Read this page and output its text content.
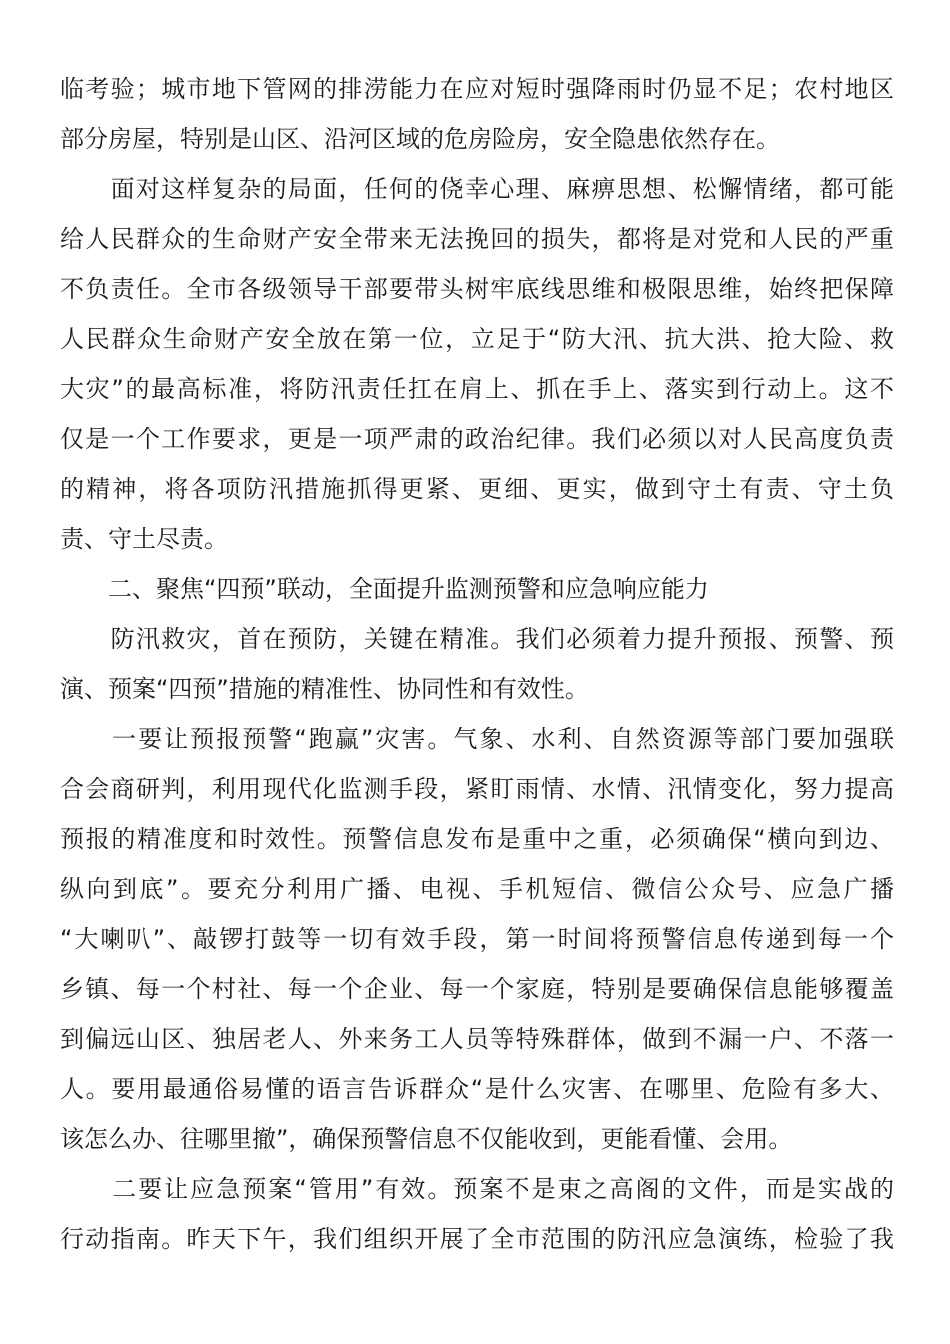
临考验；城市地下管网的排涝能力在应对短时强降雨时仍显不足；农村地区
部分房屋，特别是山区、沿河区域的危房险房，安全隐患依然存在。
　　面对这样复杂的局面，任何的侥幸心理、麻痹思想、松懈情绪，都可能
给人民群众的生命财产安全带来无法挽回的损失，都将是对党和人民的严重
不负责任。全市各级领导干部要带头树牢底线思维和极限思维，始终把保障
人民群众生命财产安全放在第一位，立足于“防大汛、抗大洪、抢大险、救
大灾”的最高标准，将防汛责任扛在肩上、抓在手上、落实到行动上。这不
仅是一个工作要求，更是一项严肃的政治纪律。我们必须以对人民高度负责
的精神，将各项防汛措施抓得更紧、更细、更实，做到守土有责、守土负
责、守土尽责。
　　二、聚焦“四预”联动，全面提升监测预警和应急响应能力
　　防汛救灾，首在预防，关键在精准。我们必须着力提升预报、预警、预
演、预案“四预”措施的精准性、协同性和有效性。
　　一要让预报预警“跑赢”灾害。气象、水利、自然资源等部门要加强联
合会商研判，利用现代化监测手段，紧盯雨情、水情、汛情变化，努力提高
预报的精准度和时效性。预警信息发布是重中之重，必须确保“横向到边、
纵向到底”。要充分利用广播、电视、手机短信、微信公众号、应急广播
“大喇叭”、敲锣打鼓等一切有效手段，第一时间将预警信息传递到每一个
乡镇、每一个村社、每一个企业、每一个家庭，特别是要确保信息能够覆盖
到偏远山区、独居老人、外来务工人员等特殊群体，做到不漏一户、不落一
人。要用最通俗易懂的语言告诉群众“是什么灾害、在哪里、危险有多大、
该怎么办、往哪里撤”，确保预警信息不仅能收到，更能看懂、会用。
　　二要让应急预案“管用”有效。预案不是束之高阁的文件，而是实战的
行动指南。昨天下午，我们组织开展了全市范围的防汛应急演练，检验了我
